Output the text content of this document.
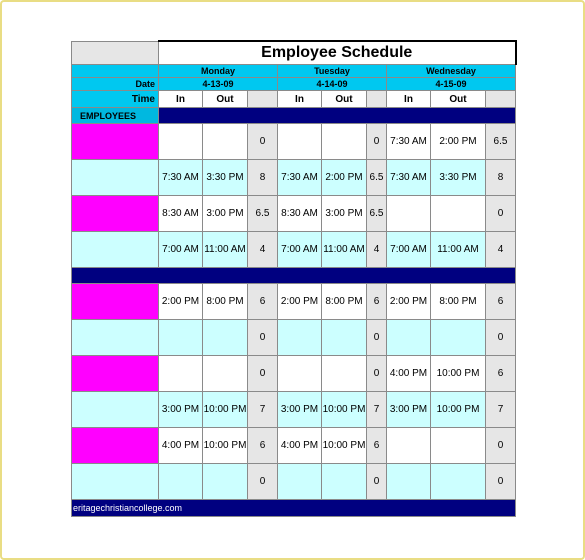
	Employee Schedule								
	Monday			Tuesday			Wednesday		
Date	4-13-09			4-14-09			4-15-09		
Time	In	Out		In	Out		In	Out	
EMPLOYEES									
			0			0	7:30 AM	2:00 PM	6.5
	7:30 AM	3:30 PM	8	7:30 AM	2:00 PM	6.5	7:30 AM	3:30 PM	8
	8:30 AM	3:00 PM	6.5	8:30 AM	3:00 PM	6.5			0
	7:00 AM	11:00 AM	4	7:00 AM	11:00 AM	4	7:00 AM	11:00 AM	4

	2:00 PM	8:00 PM	6	2:00 PM	8:00 PM	6	2:00 PM	8:00 PM	6
			0			0			0
			0			0	4:00 PM	10:00 PM	6
	3:00 PM	10:00 PM	7	3:00 PM	10:00 PM	7	3:00 PM	10:00 PM	7
	4:00 PM	10:00 PM	6	4:00 PM	10:00 PM	6			0
			0			0			0
eritagechristiancollege.com									
